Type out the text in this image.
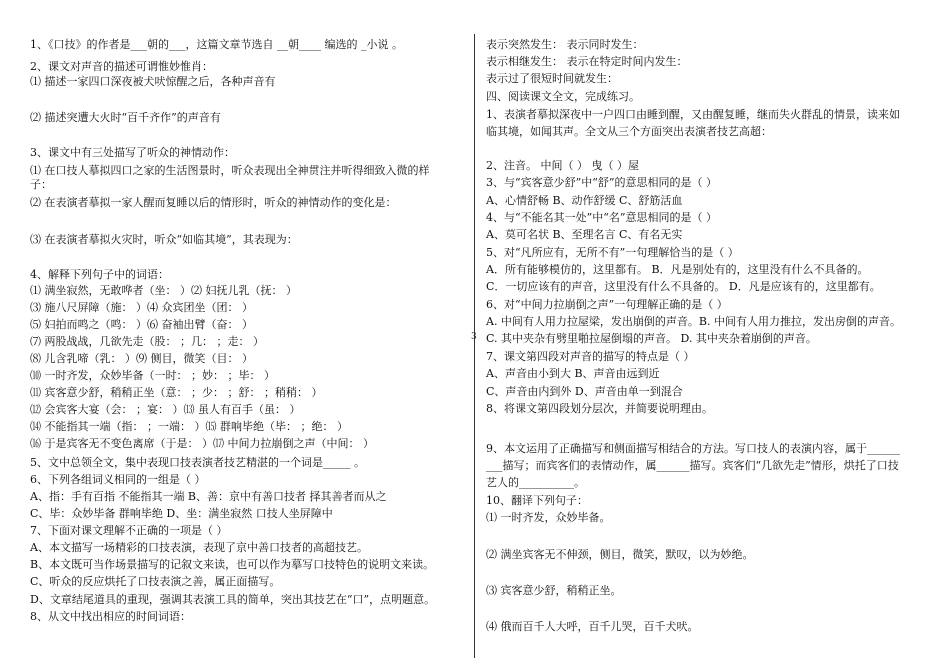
1、《口技》的作者是___朝的___，这篇文章节选自 __朝____ 编选的 _小说 。
2、课文对声音的描述可谓惟妙惟肖：
⑴ 描述一家四口深夜被犬吠惊醒之后，各种声音有
⑵ 描述突遭大火时“百千齐作”的声音有
3、课文中有三处描写了听众的神情动作：
⑴ 在口技人摹拟四口之家的生活图景时，听众表现出全神贯注并听得细致入微的样
子：
⑵ 在表演者摹拟一家人醒而复睡以后的情形时，听众的神情动作的变化是：
⑶ 在表演者摹拟火灾时，听众“如临其境”，其表现为：
4、解释下列句子中的词语：
⑴ 满坐寂然，无敢哗者（坐： ）⑵ 妇抚儿乳（抚： ）
⑶ 施八尺屏障（施： ）⑷ 众宾团坐（团： ）
⑸ 妇拍而鸣之（鸣： ）⑹ 奋袖出臂（奋： ）
⑺ 两股战战，几欲先走（股： ；几： ；走： ）
⑻ 儿含乳啼（乳： ）⑼ 侧目，微笑（目： ）
⑽ 一时齐发，众妙毕备（一时： ；妙： ；毕： ）
⑾ 宾客意少舒，稍稍正坐（意： ；少： ；舒： ；稍稍： ）
⑿ 会宾客大宴（会： ；宴： ）⒀ 虽人有百手（虽： ）
⒁ 不能指其一端（指： ；一端： ）⒂ 群响毕绝（毕： ；绝： ）
⒃ 于是宾客无不变色离席（于是： ）⒄ 中间力拉崩倒之声（中间： ）
5、文中总领全文，集中表现口技表演者技艺精湛的一个词是_____ 。
6、下列各组词义相同的一组是（ ）
A、指：手有百指 不能指其一端 B、善：京中有善口技者 择其善者而从之
C、毕：众妙毕备 群响毕绝 D、坐：满坐寂然 口技人坐屏障中
7、下面对课文理解不正确的一项是（ ）
A、本文描写一场精彩的口技表演，表现了京中善口技者的高超技艺。
B、本文既可当作场景描写的记叙文来读，也可以作为摹写口技特色的说明文来读。
C、听众的反应烘托了口技表演之善，属正面描写。
D、文章结尾道具的重现，强调其表演工具的简单，突出其技艺在“口”，点明题意。
8、从文中找出相应的时间词语：
3
表示突然发生： 表示同时发生：
表示相继发生： 表示在特定时间内发生：
表示过了很短时间就发生：
四、阅读课文全文，完成练习。
1、表演者摹拟深夜中一户四口由睡到醒，又由醒复睡，继而失火群乱的情景，读来如
临其境，如闻其声。全文从三个方面突出表演者技艺高超：
2、注音。 中间（ ） 曳（ ）屋
3、与“宾客意少舒”中“舒”的意思相同的是（ ）
A、心情舒畅 B、动作舒缓 C、舒筋活血
4、与“不能名其一处”中“名”意思相同的是（ ）
A、莫可名状 B、至理名言 C、有名无实
5、对“凡所应有，无所不有”一句理解恰当的是（ ）
A．所有能够模仿的，这里都有。 B．凡是别处有的，这里没有什么不具备的。
C．一切应该有的声音，这里没有什么不具备的。 D．凡是应该有的，这里都有。
6、对“中间力拉崩倒之声”一句理解正确的是（ ）
A. 中间有人用力拉屋梁，发出崩倒的声音。B. 中间有人用力推拉，发出房倒的声音。
C. 其中夹杂有劈里啪拉屋倒塌的声音。 D. 其中夹杂着崩倒的声音。
7、课文第四段对声音的描写的特点是（ ）
A、声音由小到大 B、声音由远到近
C、声音由内到外 D、声音由单一到混合
8、将课文第四段划分层次，并简要说明理由。
9、本文运用了正确描写和侧面描写相结合的方法。写口技人的表演内容，属于______
___描写；而宾客们的表情动作，属______描写。宾客们“几欲先走”情形，烘托了口技
艺人的__________。
10、翻译下列句子：
⑴ 一时齐发，众妙毕备。
⑵ 满坐宾客无不伸颈，侧目，微笑，默叹，以为妙绝。
⑶ 宾客意少舒，稍稍正坐。
⑷ 俄而百千人大呼，百千儿哭，百千犬吠。
